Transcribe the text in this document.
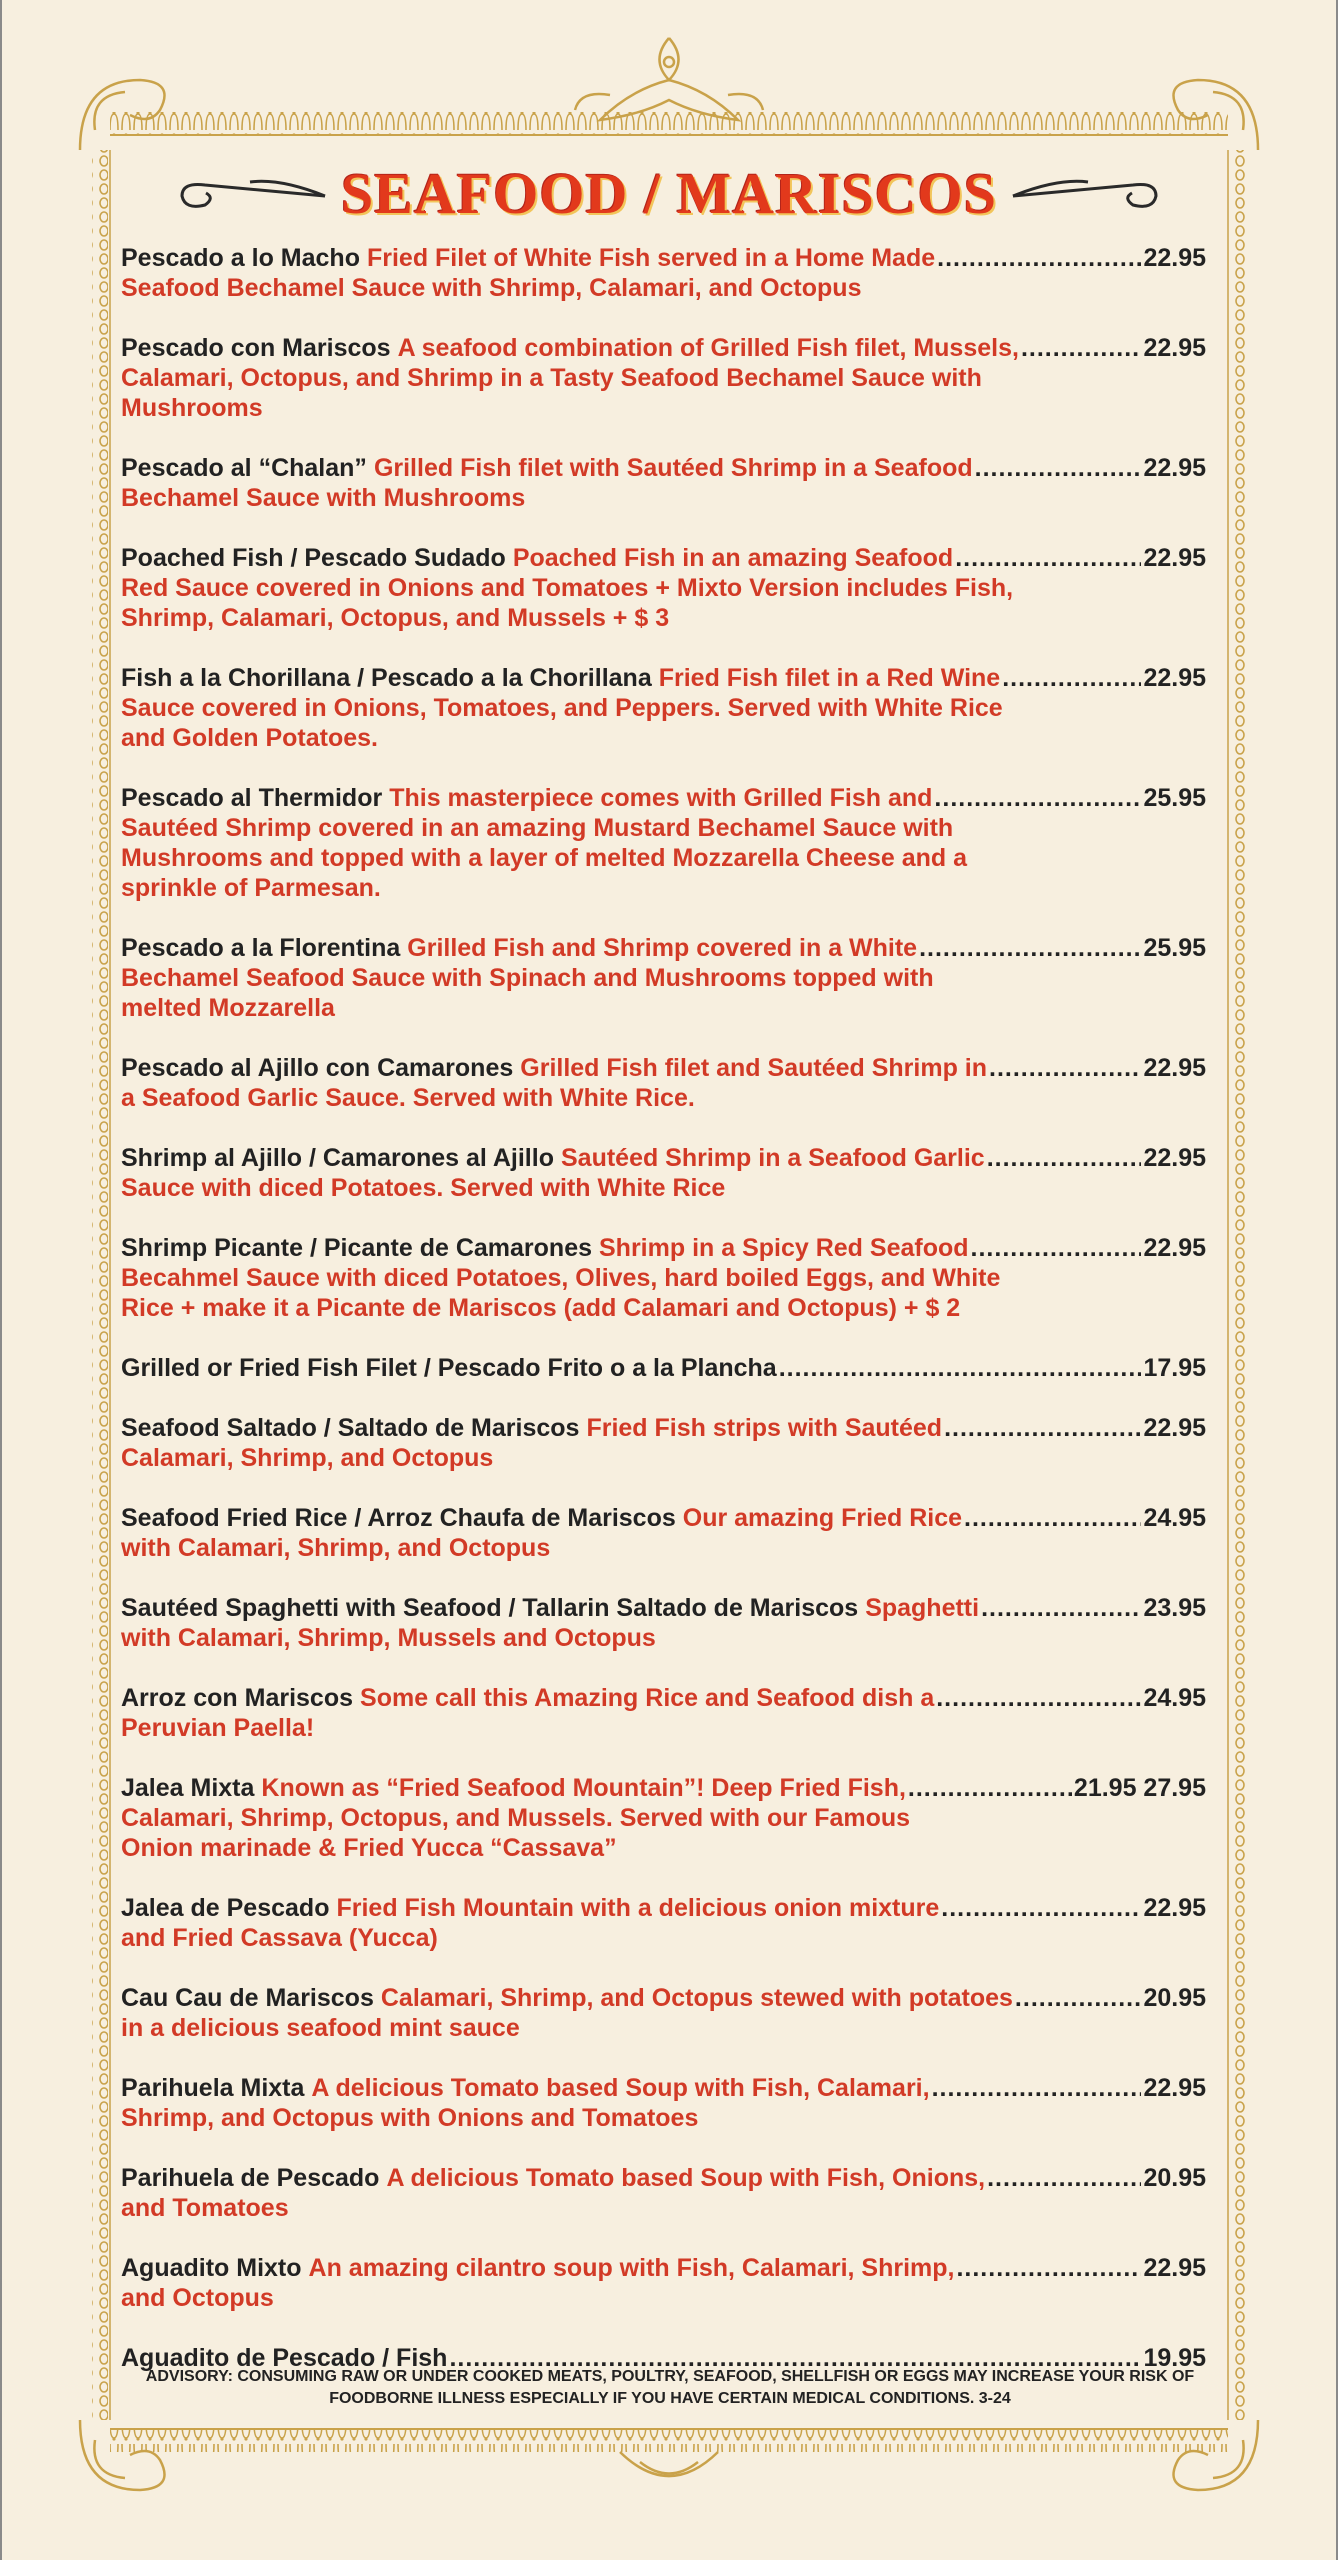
SEAFOOD / MARISCOS
Pescado a lo Macho Fried Filet of White Fish served in a Home Made .....	22.95
Seafood Bechamel Sauce with Shrimp, Calamari, and Octopus
Pescado con Mariscos A seafood combination of Grilled Fish filet, Mussels, .....	22.95
Calamari, Octopus, and Shrimp in a Tasty Seafood Bechamel Sauce with
Mushrooms
Pescado al “Chalan” Grilled Fish filet with Sautéed Shrimp in a Seafood .....	22.95
Bechamel Sauce with Mushrooms
Poached Fish / Pescado Sudado Poached Fish in an amazing Seafood .....	22.95
Red Sauce covered in Onions and Tomatoes + Mixto Version includes Fish,
Shrimp, Calamari, Octopus, and Mussels + $ 3
Fish a la Chorillana / Pescado a la Chorillana Fried Fish filet in a Red Wine .....	22.95
Sauce covered in Onions, Tomatoes, and Peppers. Served with White Rice
and Golden Potatoes.
Pescado al Thermidor This masterpiece comes with Grilled Fish and .....	25.95
Sautéed Shrimp covered in an amazing Mustard Bechamel Sauce with
Mushrooms and topped with a layer of melted Mozzarella Cheese and a
sprinkle of Parmesan.
Pescado a la Florentina Grilled Fish and Shrimp covered in a White .....	25.95
Bechamel Seafood Sauce with Spinach and Mushrooms topped with
melted Mozzarella
Pescado al Ajillo con Camarones Grilled Fish filet and Sautéed Shrimp in .....	22.95
a Seafood Garlic Sauce. Served with White Rice.
Shrimp al Ajillo / Camarones al Ajillo Sautéed Shrimp in a Seafood Garlic .....	22.95
Sauce with diced Potatoes. Served with White Rice
Shrimp Picante / Picante de Camarones Shrimp in a Spicy Red Seafood .....	22.95
Becahmel Sauce with diced Potatoes, Olives, hard boiled Eggs, and White
Rice + make it a Picante de Mariscos (add Calamari and Octopus) + $ 2
Grilled or Fried Fish Filet / Pescado Frito o a la Plancha .....	17.95
Seafood Saltado / Saltado de Mariscos Fried Fish strips with Sautéed .....	22.95
Calamari, Shrimp, and Octopus
Seafood Fried Rice / Arroz Chaufa de Mariscos Our amazing Fried Rice .....	24.95
with Calamari, Shrimp, and Octopus
Sautéed Spaghetti with Seafood / Tallarin Saltado de Mariscos Spaghetti .....	23.95
with Calamari, Shrimp, Mussels and Octopus
Arroz con Mariscos Some call this Amazing Rice and Seafood dish a .....	24.95
Peruvian Paella!
Jalea Mixta Known as “Fried Seafood Mountain”! Deep Fried Fish, .....	21.95 27.95
Calamari, Shrimp, Octopus, and Mussels. Served with our Famous
Onion marinade & Fried Yucca “Cassava”
Jalea de Pescado Fried Fish Mountain with a delicious onion mixture .....	22.95
and Fried Cassava (Yucca)
Cau Cau de Mariscos Calamari, Shrimp, and Octopus stewed with potatoes .....	20.95
in a delicious seafood mint sauce
Parihuela Mixta A delicious Tomato based Soup with Fish, Calamari, .....	22.95
Shrimp, and Octopus with Onions and Tomatoes
Parihuela de Pescado A delicious Tomato based Soup with Fish, Onions, .....	20.95
and Tomatoes
Aguadito Mixto An amazing cilantro soup with Fish, Calamari, Shrimp, .....	22.95
and Octopus
Aguadito de Pescado / Fish .....	19.95
ADVISORY: CONSUMING RAW OR UNDER COOKED MEATS, POULTRY, SEAFOOD, SHELLFISH OR EGGS MAY INCREASE YOUR RISK OF
FOODBORNE ILLNESS ESPECIALLY IF YOU HAVE CERTAIN MEDICAL CONDITIONS. 3-24
